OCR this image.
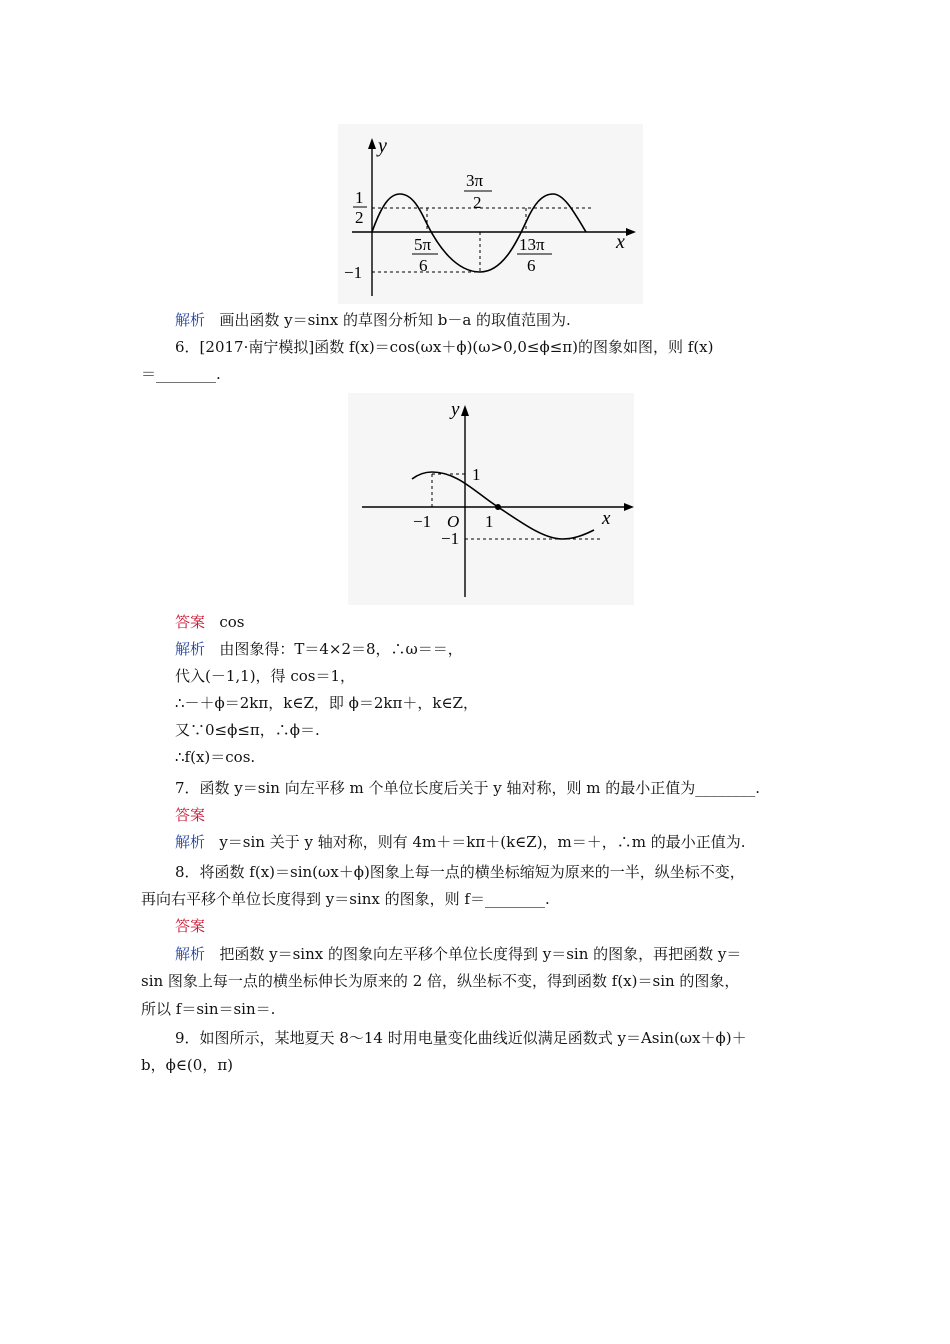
y
x
1
2
−1
5π
6
3π
2
13π
6
解析 画出函数 y＝sinx 的草图分析知 b－a 的取值范围为.
6．[2017·南宁模拟]函数 f(x)＝cos(ωx＋ϕ)(ω>0,0≤ϕ≤π)的图象如图，则 f(x)
＝________.
y
x
1
−1 O 1
−1
答案 cos
解析 由图象得：T＝4×2＝8，∴ω＝＝，
代入(－1,1)，得 cos＝1，
∴－＋ϕ＝2kπ，k∈Z，即 ϕ＝2kπ＋，k∈Z，
又∵0≤ϕ≤π，∴ϕ＝.
∴f(x)＝cos.
7．函数 y＝sin 向左平移 m 个单位长度后关于 y 轴对称，则 m 的最小正值为________.
答案
解析 y＝sin 关于 y 轴对称，则有 4m＋＝kπ＋(k∈Z)，m＝＋，∴m 的最小正值为.
8．将函数 f(x)＝sin(ωx＋ϕ)图象上每一点的横坐标缩短为原来的一半，纵坐标不变，
再向右平移个单位长度得到 y＝sinx 的图象，则 f＝________.
答案
解析 把函数 y＝sinx 的图象向左平移个单位长度得到 y＝sin 的图象，再把函数 y＝
sin 图象上每一点的横坐标伸长为原来的 2 倍，纵坐标不变，得到函数 f(x)＝sin 的图象，
所以 f＝sin＝sin＝.
9．如图所示，某地夏天 8～14 时用电量变化曲线近似满足函数式 y＝Asin(ωx＋ϕ)＋
b，ϕ∈(0，π)
